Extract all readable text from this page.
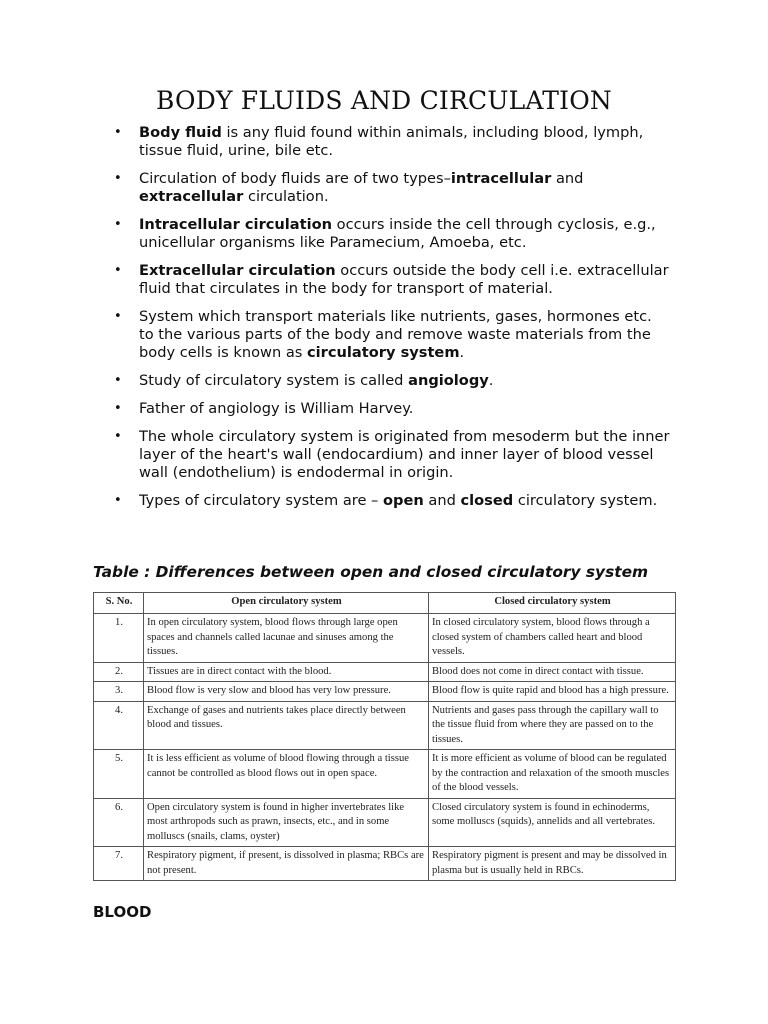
BODY FLUIDS AND CIRCULATION
• Body fluid is any fluid found within animals, including blood, lymph, tissue fluid, urine, bile etc.
• Circulation of body fluids are of two types–intracellular and extracellular circulation.
• Intracellular circulation occurs inside the cell through cyclosis, e.g., unicellular organisms like Paramecium, Amoeba, etc.
• Extracellular circulation occurs outside the body cell i.e. extracellular fluid that circulates in the body for transport of material.
• System which transport materials like nutrients, gases, hormones etc. to the various parts of the body and remove waste materials from the body cells is known as circulatory system.
• Study of circulatory system is called angiology.
• Father of angiology is William Harvey.
• The whole circulatory system is originated from mesoderm but the inner layer of the heart's wall (endocardium) and inner layer of blood vessel wall (endothelium) is endodermal in origin.
• Types of circulatory system are – open and closed circulatory system.
Table : Differences between open and closed circulatory system
S. No.	Open circulatory system	Closed circulatory system
1.	In open circulatory system, blood flows through large open spaces and channels called lacunae and sinuses among the tissues.	In closed circulatory system, blood flows through a closed system of chambers called heart and blood vessels.
2.	Tissues are in direct contact with the blood.	Blood does not come in direct contact with tissue.
3.	Blood flow is very slow and blood has very low pressure.	Blood flow is quite rapid and blood has a high pressure.
4.	Exchange of gases and nutrients takes place directly between blood and tissues.	Nutrients and gases pass through the capillary wall to the tissue fluid from where they are passed on to the tissues.
5.	It is less efficient as volume of blood flowing through a tissue cannot be controlled as blood flows out in open space.	It is more efficient as volume of blood can be regulated by the contraction and relaxation of the smooth muscles of the blood vessels.
6.	Open circulatory system is found in higher invertebrates like most arthropods such as prawn, insects, etc., and in some molluscs (snails, clams, oyster)	Closed circulatory system is found in echinoderms, some molluscs (squids), annelids and all vertebrates.
7.	Respiratory pigment, if present, is dissolved in plasma; RBCs are not present.	Respiratory pigment is present and may be dissolved in plasma but is usually held in RBCs.
BLOOD
